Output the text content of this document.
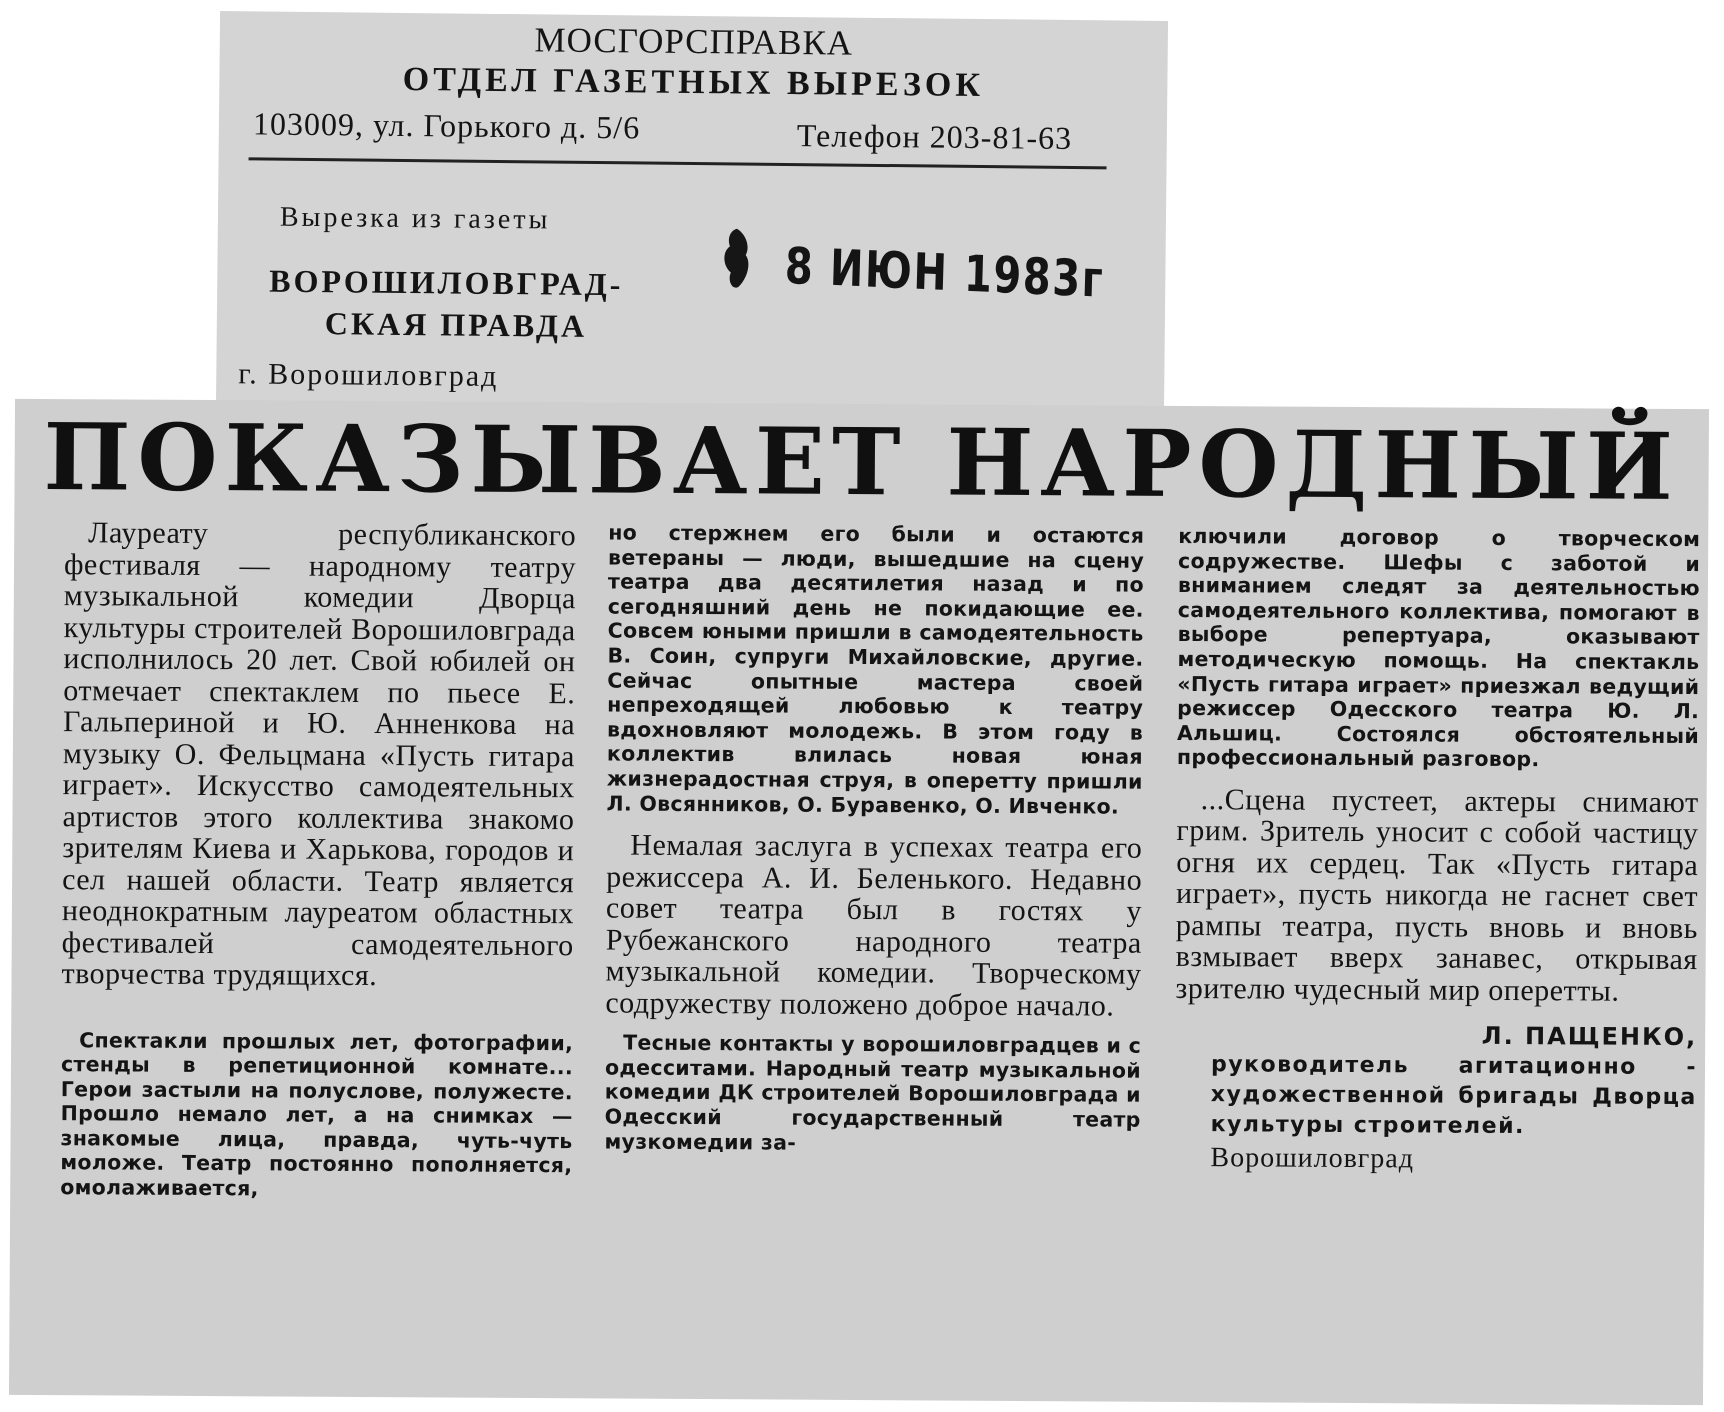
МОСГОРСПРАВКА
ОТДЕЛ ГАЗЕТНЫХ ВЫРЕЗОК
103009, ул. Горького д. 5/6	Телефон 203-81-63
Вырезка из газеты
ВОРОШИЛОВГРАД-
СКАЯ ПРАВДА
г. Ворошиловград
8 ИЮН 1983г
ПОКАЗЫВАЕТ НАРОДНЫЙ

Лауреату республиканского фестиваля — народному театру музыкальной комедии Дворца культуры строителей Ворошиловграда исполнилось 20 лет. Свой юбилей он отмечает спектаклем по пьесе Е. Гальпериной и Ю. Анненкова на музыку О. Фельцмана «Пусть гитара играет». Искусство самодеятельных артистов этого коллектива знакомо зрителям Киева и Харькова, городов и сел нашей области. Театр является неоднократным лауреатом областных фестивалей самодеятельного творчества трудящихся.

Спектакли прошлых лет, фотографии, стенды в репетиционной комнате... Герои застыли на полуслове, полужесте. Прошло немало лет, а на снимках — знакомые лица, правда, чуть-чуть моложе. Театр постоянно пополняется, омолаживается,

но стержнем его были и остаются ветераны — люди, вышедшие на сцену театра два десятилетия назад и по сегодняшний день не покидающие ее. Совсем юными пришли в самодеятельность В. Соин, супруги Михайловские, другие. Сейчас опытные мастера своей непреходящей любовью к театру вдохновляют молодежь. В этом году в коллектив влилась новая юная жизнерадостная струя, в оперетту пришли Л. Овсянников, О. Буравенко, О. Ивченко.

Немалая заслуга в успехах театра его режиссера А. И. Беленького. Недавно совет театра был в гостях у Рубежанского народного театра музыкальной комедии. Творческому содружеству положено доброе начало.

Тесные контакты у ворошиловградцев и с одесситами. Народный театр музыкальной комедии ДК строителей Ворошиловграда и Одесский государственный театр музкомедии за-

ключили договор о творческом содружестве. Шефы с заботой и вниманием следят за деятельностью самодеятельного коллектива, помогают в выборе репертуара, оказывают методическую помощь. На спектакль «Пусть гитара играет» приезжал ведущий режиссер Одесского театра Ю. Л. Альшиц. Состоялся обстоятельный профессиональный разговор.

...Сцена пустеет, актеры снимают грим. Зритель уносит с собой частицу огня их сердец. Так «Пусть гитара играет», пусть никогда не гаснет свет рампы театра, пусть вновь и вновь взмывает вверх занавес, открывая зрителю чудесный мир оперетты.

Л. ПАЩЕНКО,

руководитель агитационно - художественной бригады Дворца культуры строителей.

Ворошиловград
